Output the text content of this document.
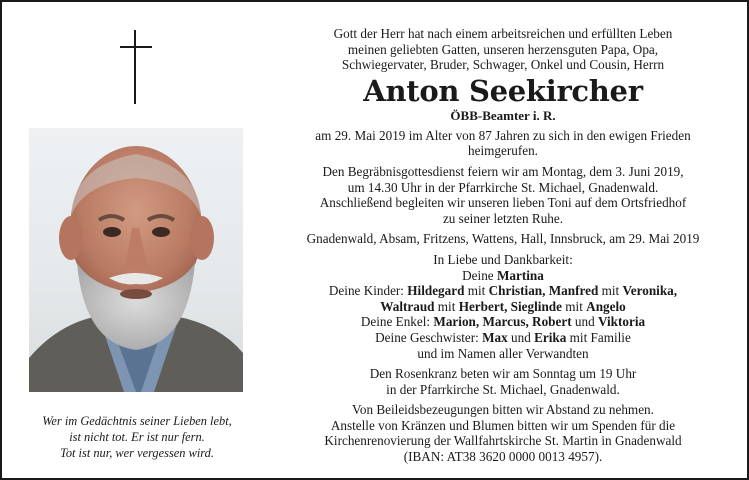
Wer im Gedächtnis seiner Lieben lebt,
ist nicht tot. Er ist nur fern.
Tot ist nur, wer vergessen wird.
Gott der Herr hat nach einem arbeitsreichen und erfüllten Leben
meinen geliebten Gatten, unseren herzensguten Papa, Opa,
Schwiegervater, Bruder, Schwager, Onkel und Cousin, Herrn
Anton Seekircher
ÖBB-Beamter i. R.
am 29. Mai 2019 im Alter von 87 Jahren zu sich in den ewigen Frieden
heimgerufen.
Den Begräbnisgottesdienst feiern wir am Montag, dem 3. Juni 2019,
um 14.30 Uhr in der Pfarrkirche St. Michael, Gnadenwald.
Anschließend begleiten wir unseren lieben Toni auf dem Ortsfriedhof
zu seiner letzten Ruhe.
Gnadenwald, Absam, Fritzens, Wattens, Hall, Innsbruck, am 29. Mai 2019
In Liebe und Dankbarkeit:
Deine Martina
Deine Kinder: Hildegard mit Christian, Manfred mit Veronika,
Waltraud mit Herbert, Sieglinde mit Angelo
Deine Enkel: Marion, Marcus, Robert und Viktoria
Deine Geschwister: Max und Erika mit Familie
und im Namen aller Verwandten
Den Rosenkranz beten wir am Sonntag um 19 Uhr
in der Pfarrkirche St. Michael, Gnadenwald.
Von Beileidsbezeugungen bitten wir Abstand zu nehmen.
Anstelle von Kränzen und Blumen bitten wir um Spenden für die
Kirchenrenovierung der Wallfahrtskirche St. Martin in Gnadenwald
(IBAN: AT38 3620 0000 0013 4957).
